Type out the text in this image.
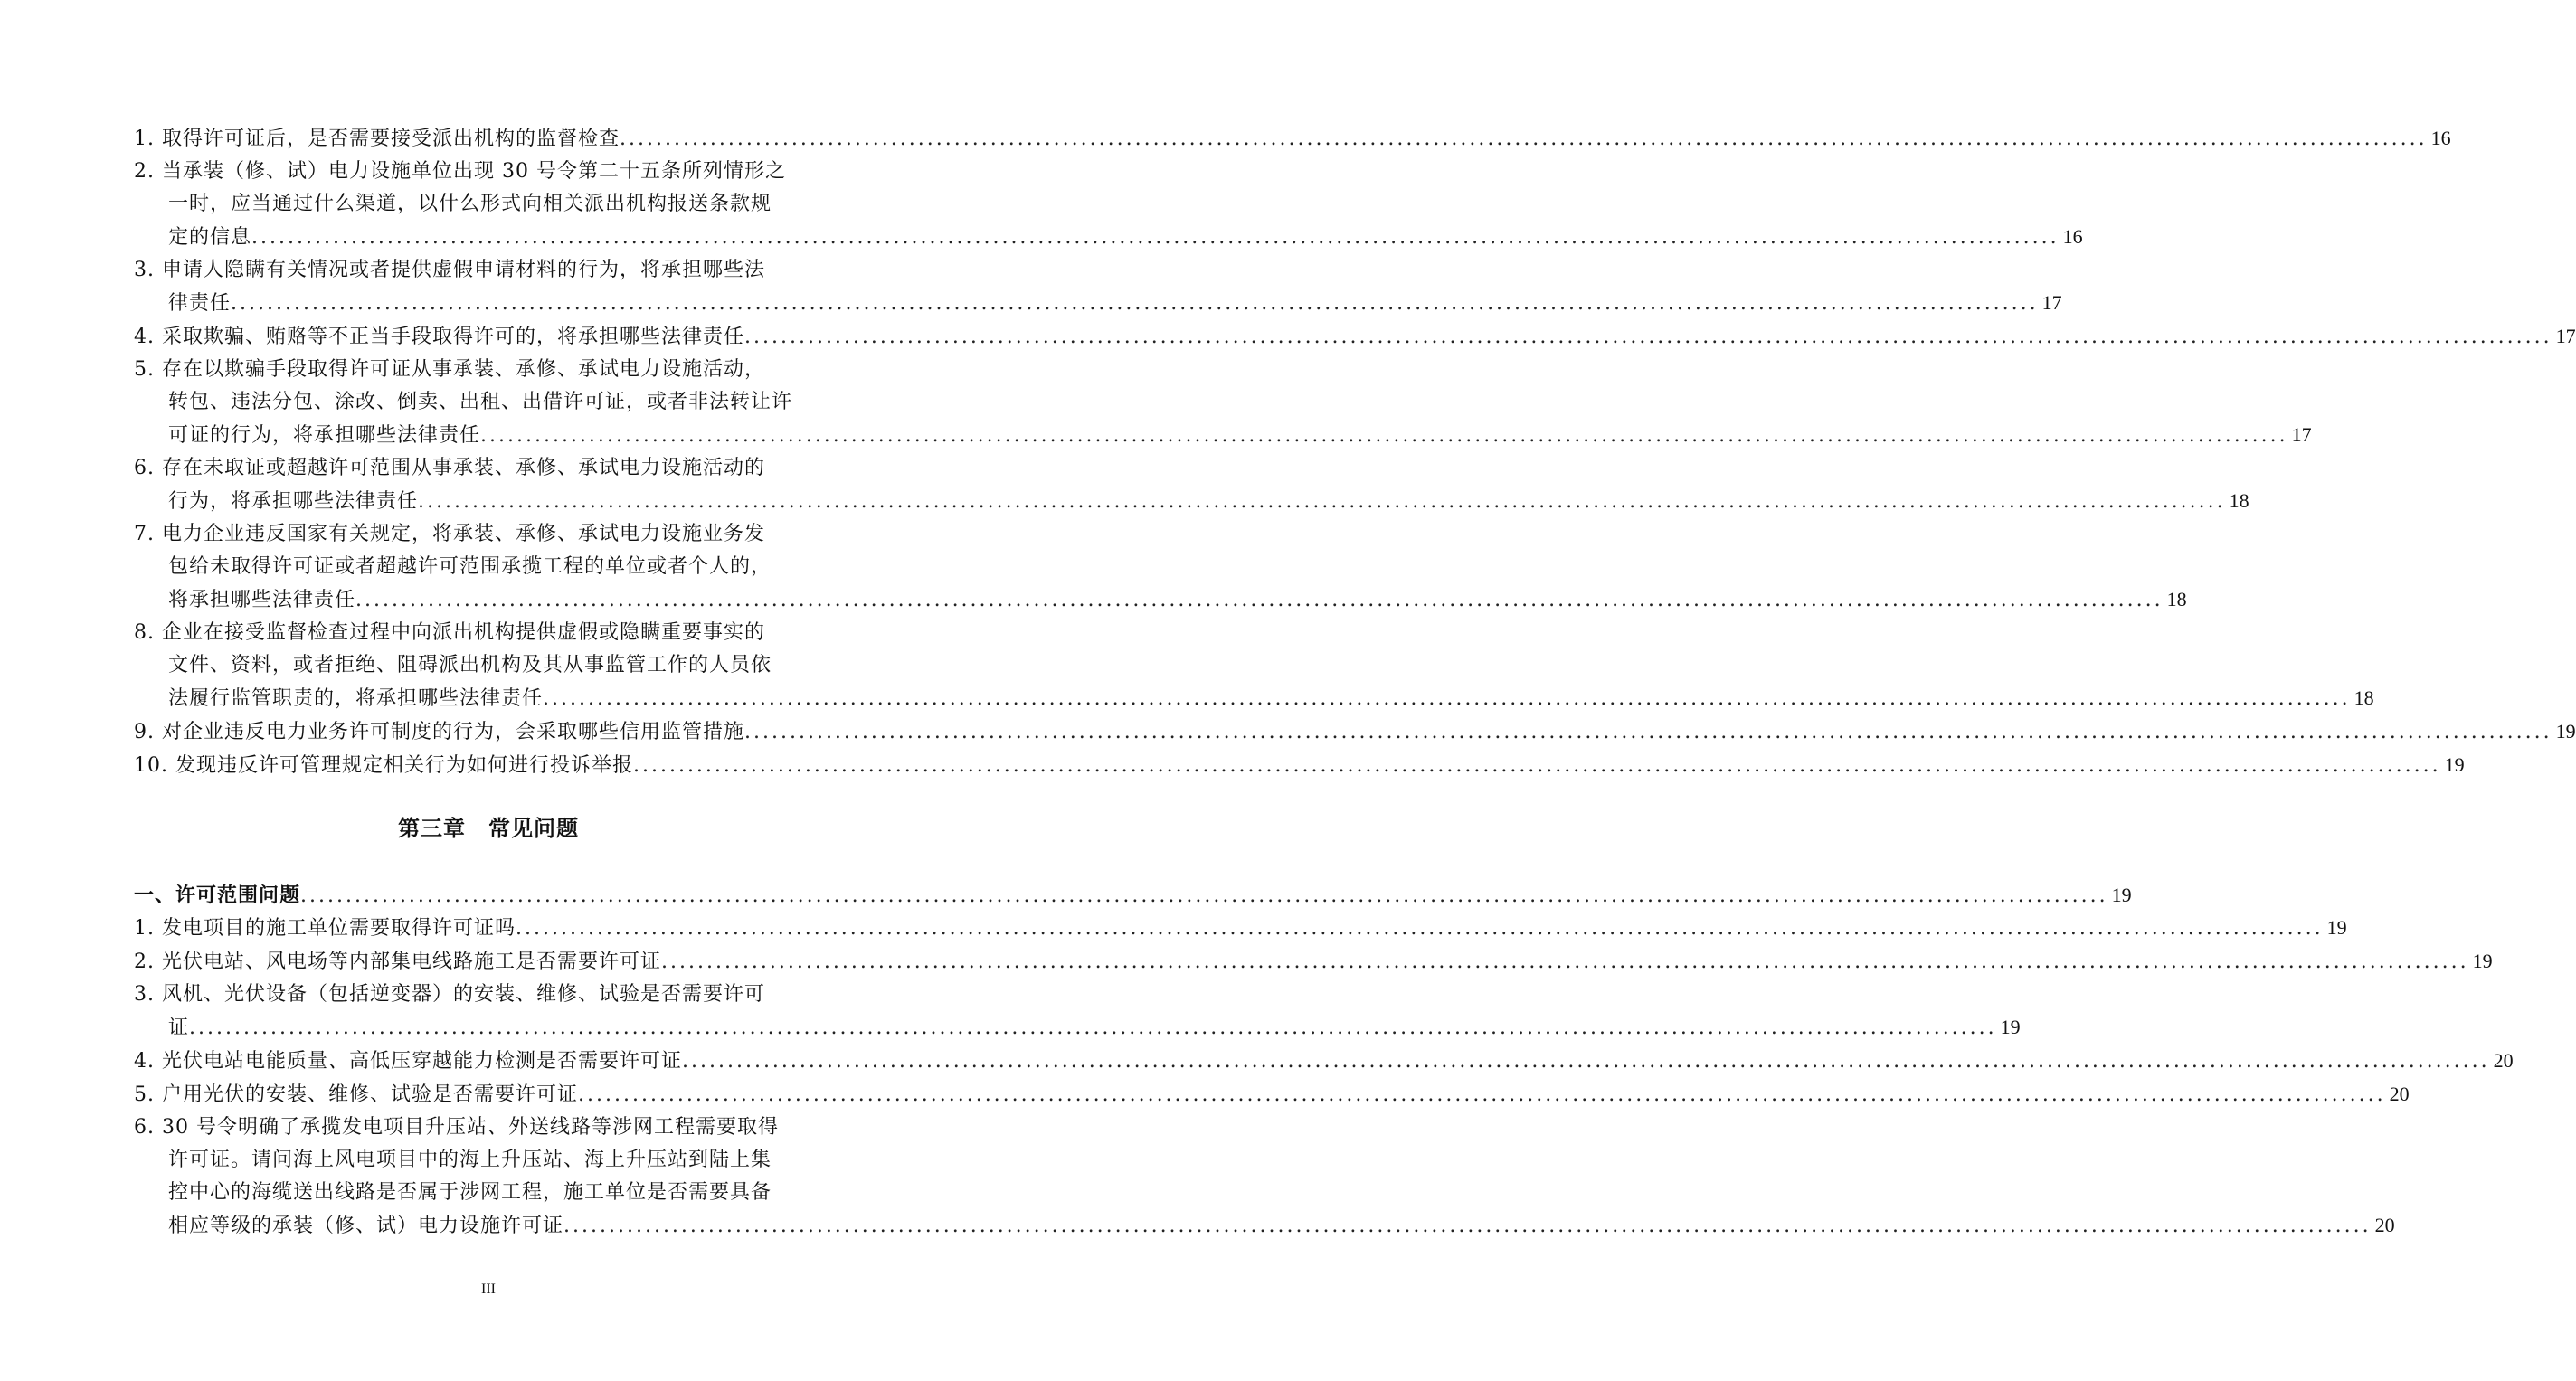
1. 取得许可证后，是否需要接受派出机构的监督检查 ........................................................................................................................................................................................................ 16
2. 当承装（修、试）电力设施单位出现 30 号令第二十五条所列情形之
一时，应当通过什么渠道，以什么形式向相关派出机构报送条款规
定的信息 ........................................................................................................................................................................................................ 16
3. 申请人隐瞒有关情况或者提供虚假申请材料的行为，将承担哪些法
律责任 ........................................................................................................................................................................................................ 17
4. 采取欺骗、贿赂等不正当手段取得许可的，将承担哪些法律责任 ........................................................................................................................................................................................................ 17
5. 存在以欺骗手段取得许可证从事承装、承修、承试电力设施活动，
转包、违法分包、涂改、倒卖、出租、出借许可证，或者非法转让许
可证的行为，将承担哪些法律责任 ........................................................................................................................................................................................................ 17
6. 存在未取证或超越许可范围从事承装、承修、承试电力设施活动的
行为，将承担哪些法律责任 ........................................................................................................................................................................................................ 18
7. 电力企业违反国家有关规定，将承装、承修、承试电力设施业务发
包给未取得许可证或者超越许可范围承揽工程的单位或者个人的，
将承担哪些法律责任 ........................................................................................................................................................................................................ 18
8. 企业在接受监督检查过程中向派出机构提供虚假或隐瞒重要事实的
文件、资料，或者拒绝、阻碍派出机构及其从事监管工作的人员依
法履行监管职责的，将承担哪些法律责任 ........................................................................................................................................................................................................ 18
9. 对企业违反电力业务许可制度的行为，会采取哪些信用监管措施 ........................................................................................................................................................................................................ 19
10. 发现违反许可管理规定相关行为如何进行投诉举报 ........................................................................................................................................................................................................ 19
第三章　常见问题
一、许可范围问题 ........................................................................................................................................................................................................ 19
1. 发电项目的施工单位需要取得许可证吗 ........................................................................................................................................................................................................ 19
2. 光伏电站、风电场等内部集电线路施工是否需要许可证 ........................................................................................................................................................................................................ 19
3. 风机、光伏设备（包括逆变器）的安装、维修、试验是否需要许可
证 ........................................................................................................................................................................................................ 19
4. 光伏电站电能质量、高低压穿越能力检测是否需要许可证 ........................................................................................................................................................................................................ 20
5. 户用光伏的安装、维修、试验是否需要许可证 ........................................................................................................................................................................................................ 20
6. 30 号令明确了承揽发电项目升压站、外送线路等涉网工程需要取得
许可证。请问海上风电项目中的海上升压站、海上升压站到陆上集
控中心的海缆送出线路是否属于涉网工程，施工单位是否需要具备
相应等级的承装（修、试）电力设施许可证 ........................................................................................................................................................................................................ 20
III
